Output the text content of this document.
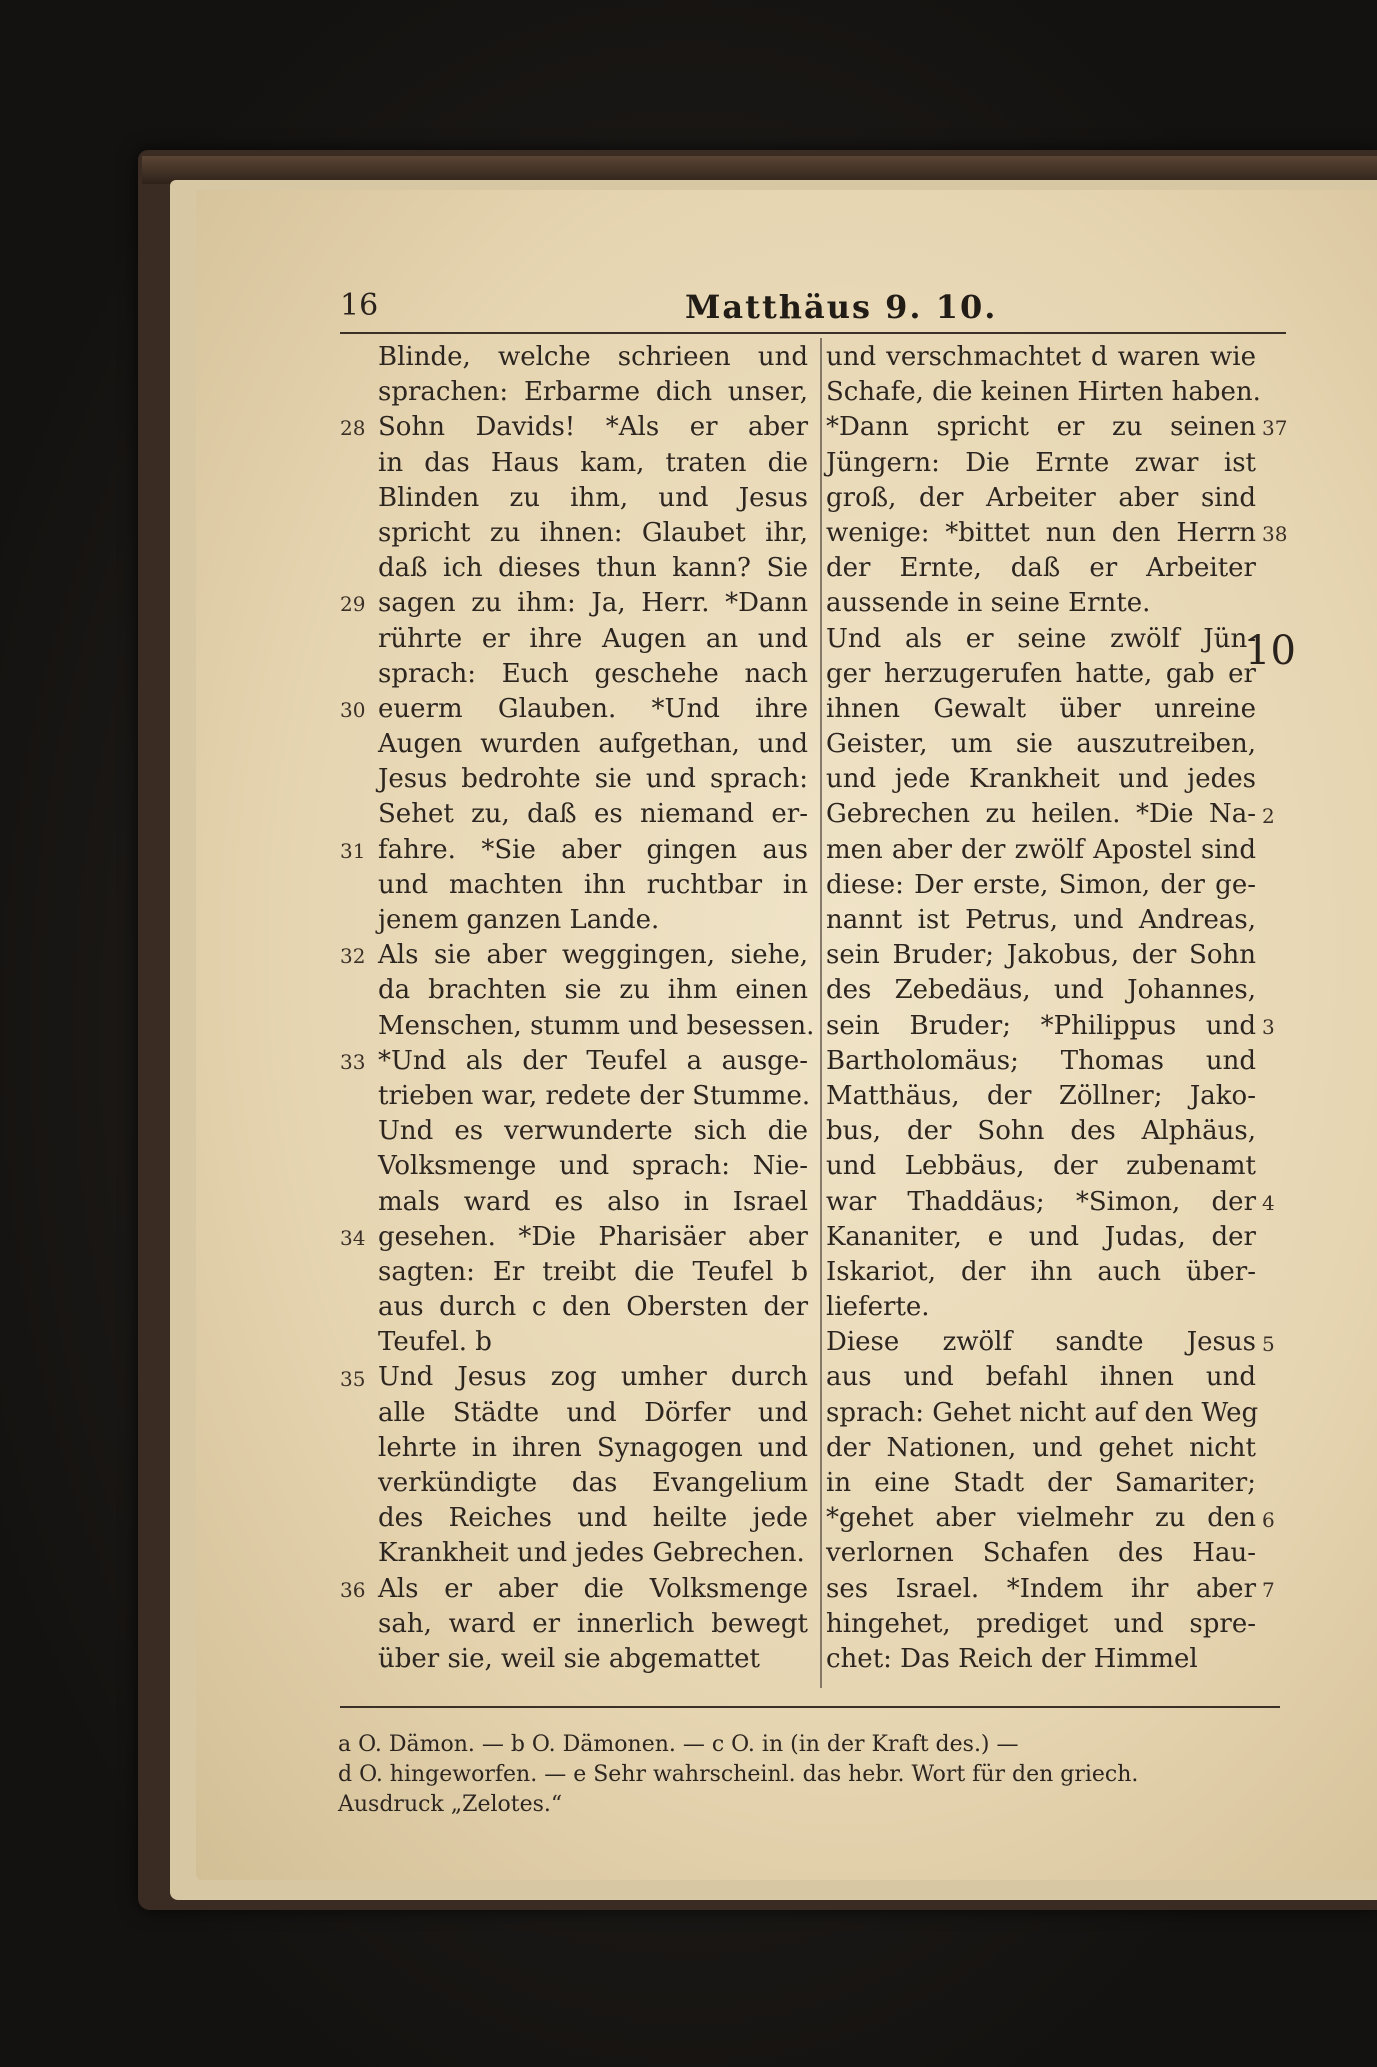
16	Matthäus 9. 10.
Blinde, welche schrieen und
sprachen: Erbarme dich unser,
Sohn Davids! *Als er aber
in das Haus kam, traten die
Blinden zu ihm, und Jesus
spricht zu ihnen: Glaubet ihr,
daß ich dieses thun kann? Sie
sagen zu ihm: Ja, Herr. *Dann
rührte er ihre Augen an und
sprach: Euch geschehe nach
euerm Glauben. *Und ihre
Augen wurden aufgethan, und
Jesus bedrohte sie und sprach:
Sehet zu, daß es niemand er-
fahre. *Sie aber gingen aus
und machten ihn ruchtbar in
jenem ganzen Lande.
Als sie aber weggingen, siehe,
da brachten sie zu ihm einen
Menschen, stumm und besessen.
*Und als der Teufel a ausge-
trieben war, redete der Stumme.
Und es verwunderte sich die
Volksmenge und sprach: Nie-
mals ward es also in Israel
gesehen. *Die Pharisäer aber
sagten: Er treibt die Teufel b
aus durch c den Obersten der
Teufel. b
Und Jesus zog umher durch
alle Städte und Dörfer und
lehrte in ihren Synagogen und
verkündigte das Evangelium
des Reiches und heilte jede
Krankheit und jedes Gebrechen.
Als er aber die Volksmenge
sah, ward er innerlich bewegt
über sie, weil sie abgemattet
und verschmachtet d waren wie
Schafe, die keinen Hirten haben.
*Dann spricht er zu seinen
Jüngern: Die Ernte zwar ist
groß, der Arbeiter aber sind
wenige: *bittet nun den Herrn
der Ernte, daß er Arbeiter
aussende in seine Ernte.
Und als er seine zwölf Jün-
ger herzugerufen hatte, gab er
ihnen Gewalt über unreine
Geister, um sie auszutreiben,
und jede Krankheit und jedes
Gebrechen zu heilen. *Die Na-
men aber der zwölf Apostel sind
diese: Der erste, Simon, der ge-
nannt ist Petrus, und Andreas,
sein Bruder; Jakobus, der Sohn
des Zebedäus, und Johannes,
sein Bruder; *Philippus und
Bartholomäus; Thomas und
Matthäus, der Zöllner; Jako-
bus, der Sohn des Alphäus,
und Lebbäus, der zubenamt
war Thaddäus; *Simon, der
Kananiter, e und Judas, der
Iskariot, der ihn auch über-
lieferte.
Diese zwölf sandte Jesus
aus und befahl ihnen und
sprach: Gehet nicht auf den Weg
der Nationen, und gehet nicht
in eine Stadt der Samariter;
*gehet aber vielmehr zu den
verlornen Schafen des Hau-
ses Israel. *Indem ihr aber
hingehet, prediget und spre-
chet: Das Reich der Himmel
28
29
30
31
32
33
34
35
36
37
38
2
3
4
5
6
7
10
a O. Dämon. — b O. Dämonen. — c O. in (in der Kraft des.) —
d O. hingeworfen. — e Sehr wahrscheinl. das hebr. Wort für den griech.
Ausdruck „Zelotes.“
